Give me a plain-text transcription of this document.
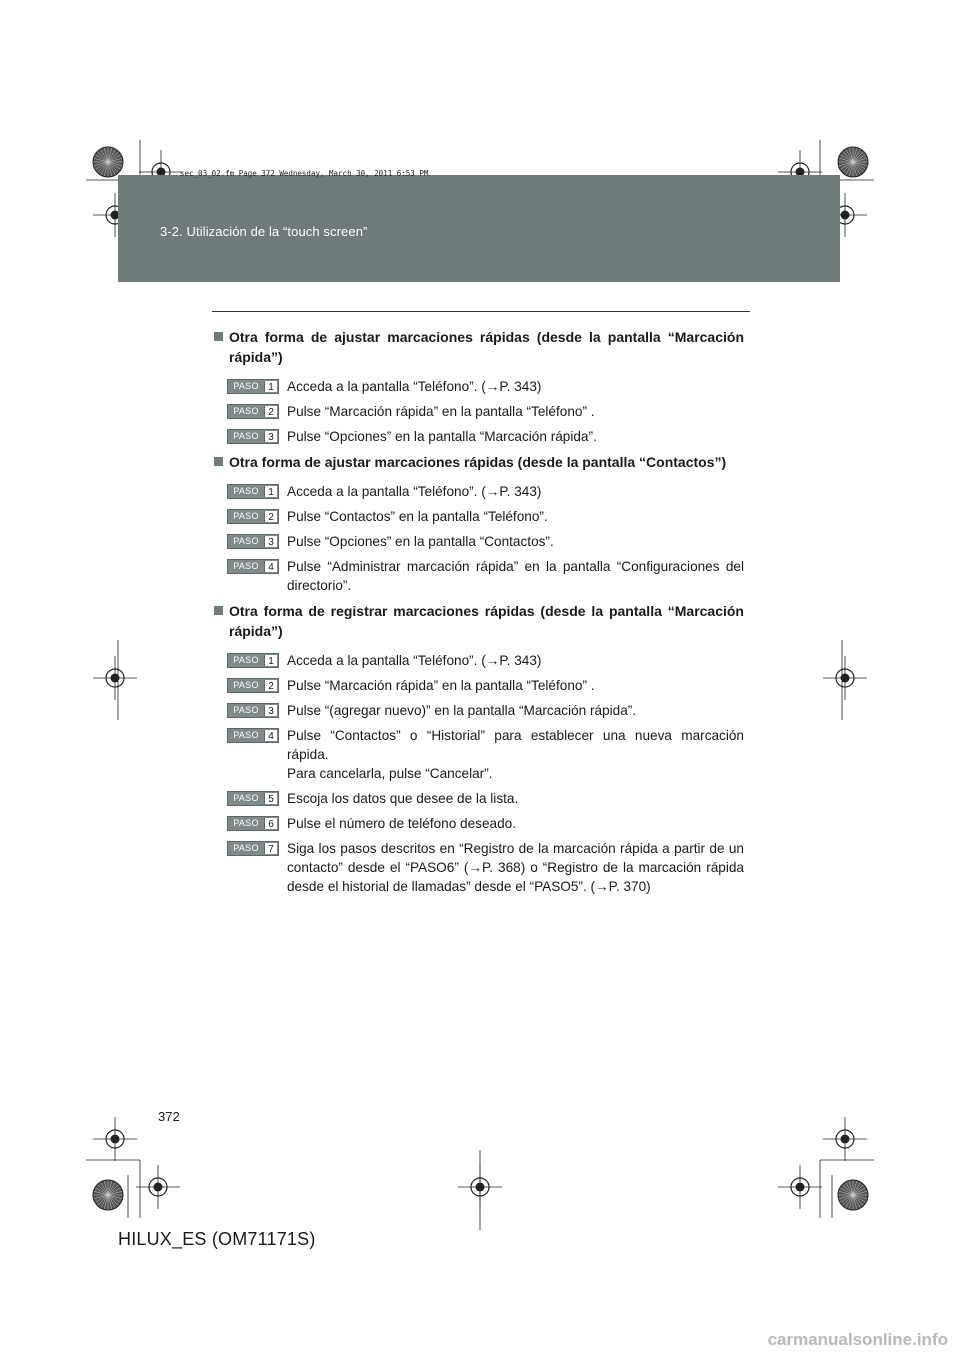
3-2. Utilización de la “touch screen”
sec_03_02.fm Page 372 Wednesday, March 30, 2011 6:53 PM
Otra forma de ajustar marcaciones rápidas (desde la pantalla “Marcación rápida”)
PASO 1 Acceda a la pantalla “Teléfono”. (→P. 343)
PASO 2 Pulse “Marcación rápida” en la pantalla “Teléfono” .
PASO 3 Pulse “Opciones” en la pantalla “Marcación rápida”.
Otra forma de ajustar marcaciones rápidas (desde la pantalla “Contactos”)
PASO 1 Acceda a la pantalla “Teléfono”. (→P. 343)
PASO 2 Pulse “Contactos” en la pantalla “Teléfono”.
PASO 3 Pulse “Opciones” en la pantalla “Contactos”.
PASO 4 Pulse “Administrar marcación rápida” en la pantalla “Configuraciones del directorio”.
Otra forma de registrar marcaciones rápidas (desde la pantalla “Marcación rápida”)
PASO 1 Acceda a la pantalla “Teléfono”. (→P. 343)
PASO 2 Pulse “Marcación rápida” en la pantalla “Teléfono” .
PASO 3 Pulse “(agregar nuevo)” en la pantalla “Marcación rápida”.
PASO 4 Pulse “Contactos” o “Historial” para establecer una nueva marcación rápida.
Para cancelarla, pulse “Cancelar”.
PASO 5 Escoja los datos que desee de la lista.
PASO 6 Pulse el número de teléfono deseado.
PASO 7 Siga los pasos descritos en “Registro de la marcación rápida a partir de un contacto” desde el “PASO6” (→P. 368) o “Registro de la marcación rápida desde el historial de llamadas” desde el “PASO5”. (→P. 370)
372
HILUX_ES (OM71171S)
carmanualsonline.info
